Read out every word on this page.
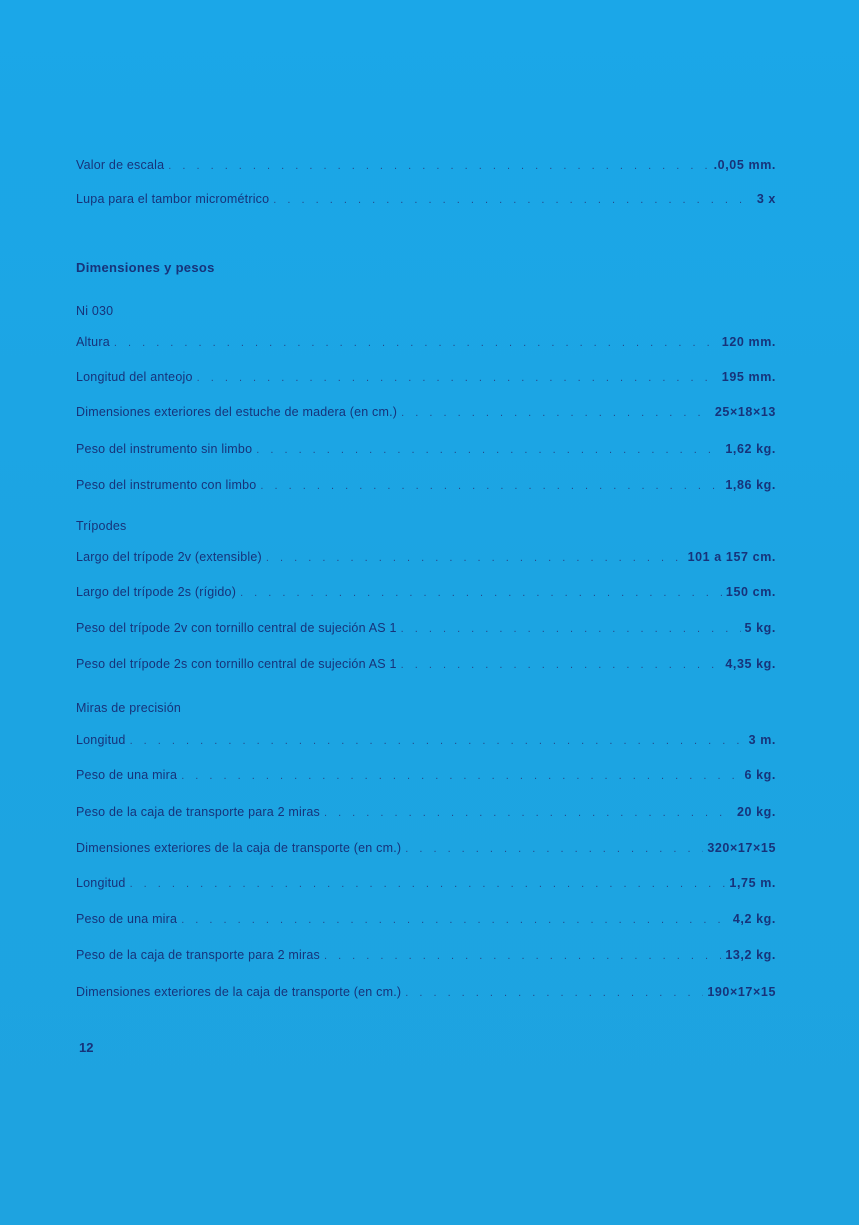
Valor de escala . . .	.0,05 mm.
Lupa para el tambor micrométrico . . .	3 x
Dimensiones y pesos
Ni 030
Altura . . .	120 mm.
Longitud del anteojo . . .	195 mm.
Dimensiones exteriores del estuche de madera (en cm.) . . .	25×18×13
Peso del instrumento sin limbo . . .	1,62 kg.
Peso del instrumento con limbo . . .	1,86 kg.
Trípodes
Largo del trípode 2v (extensible) . . .	101 a 157 cm.
Largo del trípode 2s (rígido) . . .	150 cm.
Peso del trípode 2v con tornillo central de sujeción AS 1 . . .	5 kg.
Peso del trípode 2s con tornillo central de sujeción AS 1 . . .	4,35 kg.
Miras de precisión
Longitud . . .	3 m.
Peso de una mira . . .	6 kg.
Peso de la caja de transporte para 2 miras . . .	20 kg.
Dimensiones exteriores de la caja de transporte (en cm.) . . .	320×17×15
Longitud . . .	1,75 m.
Peso de una mira . . .	4,2 kg.
Peso de la caja de transporte para 2 miras . . .	13,2 kg.
Dimensiones exteriores de la caja de transporte (en cm.) . . .	190×17×15
12
